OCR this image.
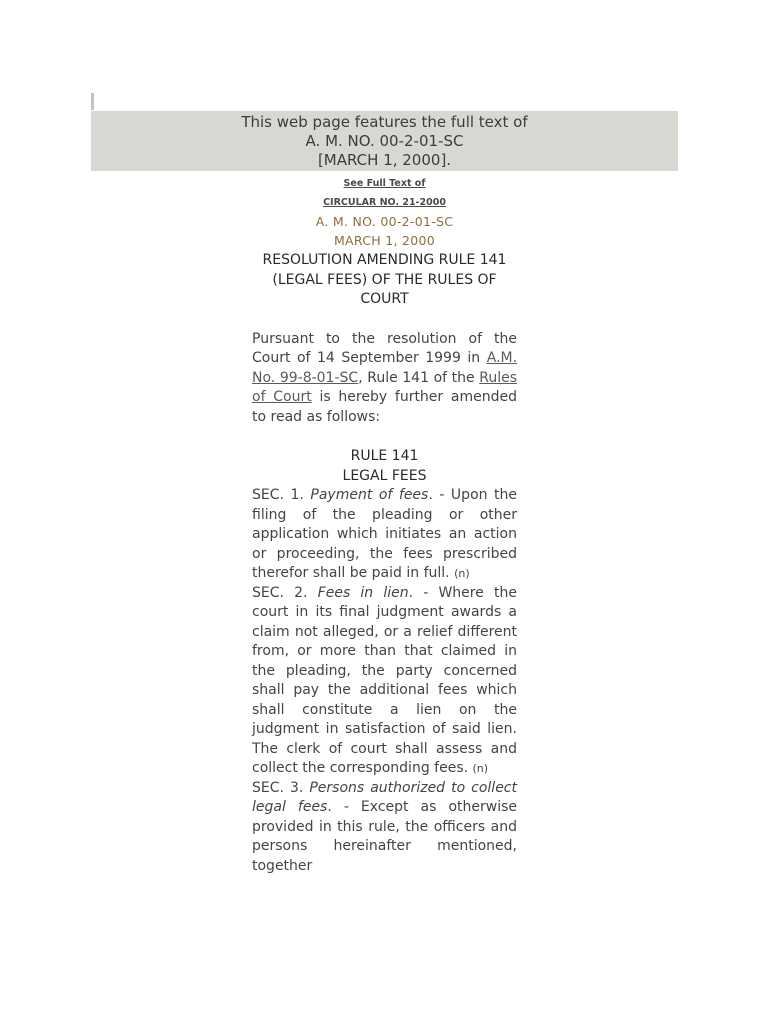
This web page features the full text of
A. M. NO. 00-2-01-SC
[MARCH 1, 2000].
See Full Text of
CIRCULAR NO. 21-2000
A. M. NO. 00-2-01-SC
MARCH 1, 2000
RESOLUTION AMENDING RULE 141 (LEGAL FEES) OF THE RULES OF COURT
Pursuant to the resolution of the Court of 14 September 1999 in A.M. No. 99-8-01-SC, Rule 141 of the Rules of Court is hereby further amended to read as follows:
RULE 141
LEGAL FEES
SEC. 1. Payment of fees. - Upon the filing of the pleading or other application which initiates an action or proceeding, the fees prescribed therefor shall be paid in full. (n)
SEC. 2. Fees in lien. - Where the court in its final judgment awards a claim not alleged, or a relief different from, or more than that claimed in the pleading, the party concerned shall pay the additional fees which shall constitute a lien on the judgment in satisfaction of said lien. The clerk of court shall assess and collect the corresponding fees. (n)
SEC. 3. Persons authorized to collect legal fees. - Except as otherwise provided in this rule, the officers and persons hereinafter mentioned, together
